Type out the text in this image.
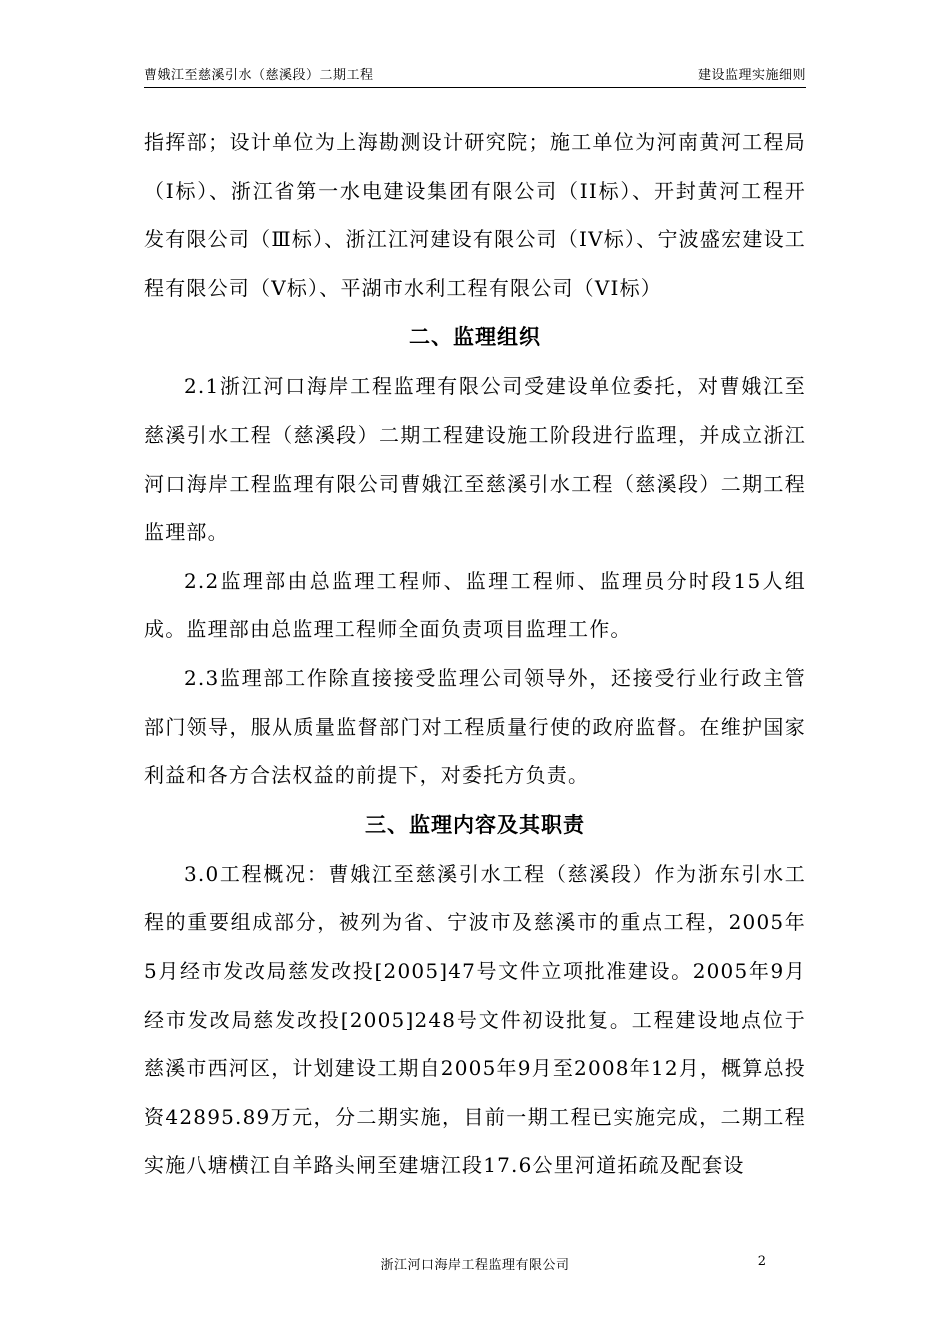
曹娥江至慈溪引水（慈溪段）二期工程	建设监理实施细则

指挥部；设计单位为上海勘测设计研究院；施工单位为河南黄河工程局（I标）、浙江省第一水电建设集团有限公司（II标）、开封黄河工程开发有限公司（Ⅲ标）、浙江江河建设有限公司（IV标）、宁波盛宏建设工程有限公司（V标）、平湖市水利工程有限公司（VI标）

二、监理组织

2.1浙江河口海岸工程监理有限公司受建设单位委托，对曹娥江至慈溪引水工程（慈溪段）二期工程建设施工阶段进行监理，并成立浙江河口海岸工程监理有限公司曹娥江至慈溪引水工程（慈溪段）二期工程监理部。

2.2监理部由总监理工程师、监理工程师、监理员分时段15人组成。监理部由总监理工程师全面负责项目监理工作。

2.3监理部工作除直接接受监理公司领导外，还接受行业行政主管部门领导，服从质量监督部门对工程质量行使的政府监督。在维护国家利益和各方合法权益的前提下，对委托方负责。

三、监理内容及其职责

3.0工程概况：曹娥江至慈溪引水工程（慈溪段）作为浙东引水工程的重要组成部分，被列为省、宁波市及慈溪市的重点工程，2005年5月经市发改局慈发改投[2005]47号文件立项批准建设。2005年9月经市发改局慈发改投[2005]248号文件初设批复。工程建设地点位于慈溪市西河区，计划建设工期自2005年9月至2008年12月，概算总投资42895.89万元，分二期实施，目前一期工程已实施完成，二期工程实施八塘横江自羊路头闸至建塘江段17.6公里河道拓疏及配套设

浙江河口海岸工程监理有限公司	2
